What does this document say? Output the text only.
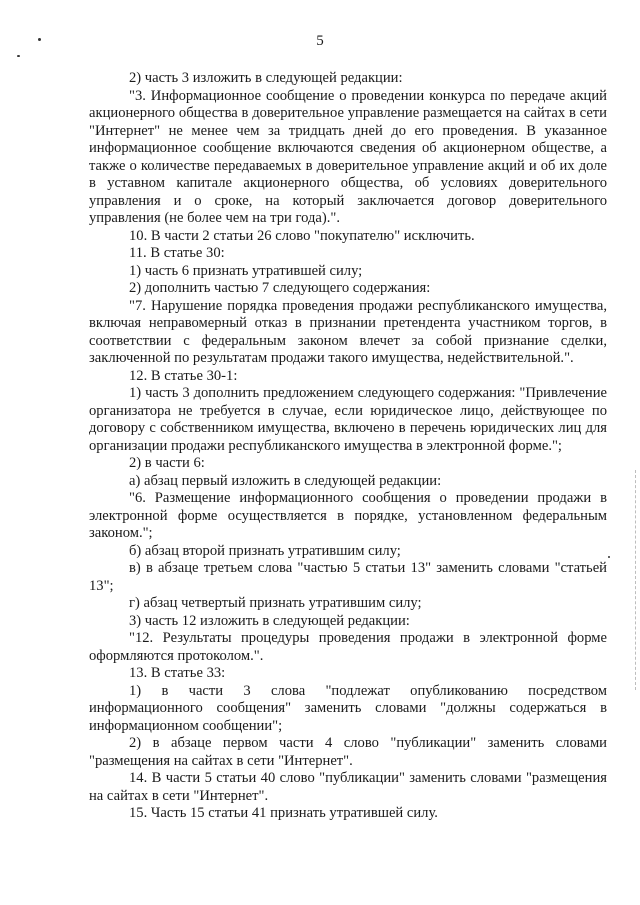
5

2) часть 3 изложить в следующей редакции:

"3. Информационное сообщение о проведении конкурса по передаче акций акционерного общества в доверительное управление размещается на сайтах в сети "Интернет" не менее чем за тридцать дней до его проведения. В указанное информационное сообщение включаются сведения об акционерном обществе, а также о количестве передаваемых в доверительное управление акций и об их доле в уставном капитале акционерного общества, об условиях доверительного управления и о сроке, на который заключается договор доверительного управления (не более чем на три года).".

10. В части 2 статьи 26 слово "покупателю" исключить.

11. В статье 30:

1) часть 6 признать утратившей силу;

2) дополнить частью 7 следующего содержания:

"7. Нарушение порядка проведения продажи республиканского имущества, включая неправомерный отказ в признании претендента участником торгов, в соответствии с федеральным законом влечет за собой признание сделки, заключенной по результатам продажи такого имущества, недействительной.".

12. В статье 30-1:

1) часть 3 дополнить предложением следующего содержания: "Привлечение организатора не требуется в случае, если юридическое лицо, действующее по договору с собственником имущества, включено в перечень юридических лиц для организации продажи республиканского имущества в электронной форме.";

2) в части 6:

а) абзац первый изложить в следующей редакции:

"6. Размещение информационного сообщения о проведении продажи в электронной форме осуществляется в порядке, установленном федеральным законом.";

б) абзац второй признать утратившим силу;

в) в абзаце третьем слова "частью 5 статьи 13" заменить словами "статьей 13";

г) абзац четвертый признать утратившим силу;

3) часть 12 изложить в следующей редакции:

"12. Результаты процедуры проведения продажи в электронной форме оформляются протоколом.".

13. В статье 33:

1) в части 3 слова "подлежат опубликованию посредством информационного сообщения" заменить словами "должны содержаться в информационном сообщении";

2) в абзаце первом части 4 слово "публикации" заменить словами "размещения на сайтах в сети "Интернет".

14. В части 5 статьи 40 слово "публикации" заменить словами "размещения на сайтах в сети "Интернет".

15. Часть 15 статьи 41 признать утратившей силу.
